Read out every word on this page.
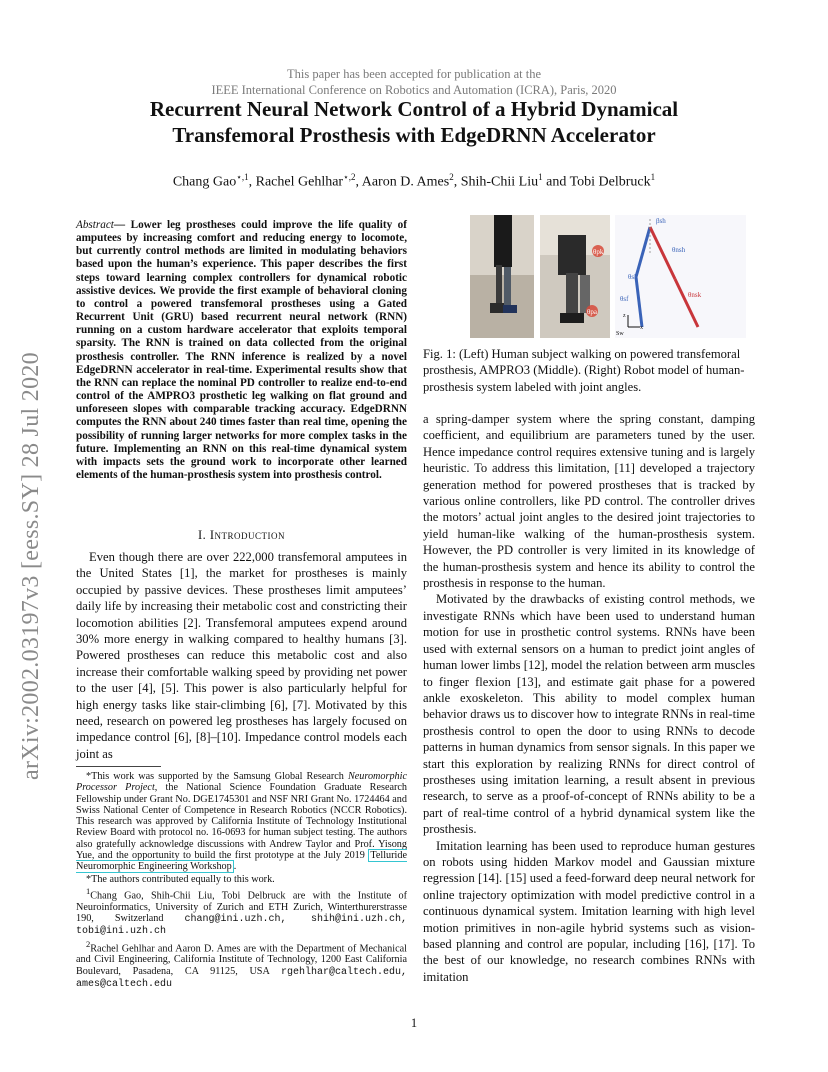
This paper has been accepted for publication at the
IEEE International Conference on Robotics and Automation (ICRA), Paris, 2020
Recurrent Neural Network Control of a Hybrid Dynamical
Transfemoral Prosthesis with EdgeDRNN Accelerator
Chang Gao$^{⋆,1}$, Rachel Gehlhar$^{⋆,2}$, Aaron D. Ames$^2$, Shih-Chii Liu$^1$ and Tobi Delbruck$^1$
arXiv:2002.03197v3 [eess.SY] 28 Jul 2020
Abstract— Lower leg prostheses could improve the life quality of amputees by increasing comfort and reducing energy to locomote, but currently control methods are limited in modulating behaviors based upon the human’s experience. This paper describes the first steps toward learning complex controllers for dynamical robotic assistive devices. We provide the first example of behavioral cloning to control a powered transfemoral prostheses using a Gated Recurrent Unit (GRU) based recurrent neural network (RNN) running on a custom hardware accelerator that exploits temporal sparsity. The RNN is trained on data collected from the original prosthesis controller. The RNN inference is realized by a novel EdgeDRNN accelerator in real-time. Experimental results show that the RNN can replace the nominal PD controller to realize end-to-end control of the AMPRO3 prosthetic leg walking on flat ground and unforeseen slopes with comparable tracking accuracy. EdgeDRNN computes the RNN about 240 times faster than real time, opening the possibility of running larger networks for more complex tasks in the future. Implementing an RNN on this real-time dynamical system with impacts sets the ground work to incorporate other learned elements of the human-prosthesis system into prosthesis control.
I. Introduction

Even though there are over 222,000 transfemoral amputees in the United States [1], the market for prostheses is mainly occupied by passive devices. These prostheses limit amputees’ daily life by increasing their metabolic cost and constricting their locomotion abilities [2]. Transfemoral amputees expend around 30% more energy in walking compared to healthy humans [3]. Powered prostheses can reduce this metabolic cost and also increase their comfortable walking speed by providing net power to the user [4], [5]. This power is also particularly helpful for high energy tasks like stair-climbing [6], [7]. Motivated by this need, research on powered leg prostheses has largely focused on impedance control [6], [8]–[10]. Impedance control models each joint as

*This work was supported by the Samsung Global Research Neuromorphic Processor Project, the National Science Foundation Graduate Research Fellowship under Grant No. DGE1745301 and NSF NRI Grant No. 1724464 and Swiss National Center of Competence in Research Robotics (NCCR Robotics). This research was approved by California Institute of Technology Institutional Review Board with protocol no. 16-0693 for human subject testing. The authors also gratefully acknowledge discussions with Andrew Taylor and Prof. Yisong Yue, and the opportunity to build the first prototype at the July 2019 Telluride Neuromorphic Engineering Workshop .

*The authors contributed equally to this work.

$^1$Chang Gao, Shih-Chii Liu, Tobi Delbruck are with the Institute of Neuroinformatics, University of Zurich and ETH Zurich, Winterthurerstrasse 190, Switzerland chang@ini.uzh.ch, shih@ini.uzh.ch, tobi@ini.uzh.ch

$^2$Rachel Gehlhar and Aaron D. Ames are with the Department of Mechanical and Civil Engineering, California Institute of Technology, 1200 East California Boulevard, Pasadena, CA 91125, USA rgehlhar@caltech.edu, ames@caltech.edu

θpk
θpa
βsh
θnsh
θsk
θnsk
θsf
Sw
z
x
Fig. 1: (Left) Human subject walking on powered transfemoral prosthesis, AMPRO3 (Middle). (Right) Robot model of human-prosthesis system labeled with joint angles.

a spring-damper system where the spring constant, damping coefficient, and equilibrium are parameters tuned by the user. Hence impedance control requires extensive tuning and is largely heuristic. To address this limitation, [11] developed a trajectory generation method for powered prostheses that is tracked by various online controllers, like PD control. The controller drives the motors’ actual joint angles to the desired joint trajectories to yield human-like walking of the human-prosthesis system. However, the PD controller is very limited in its knowledge of the human-prosthesis system and hence its ability to control the prosthesis in response to the human.

Motivated by the drawbacks of existing control methods, we investigate RNNs which have been used to understand human motion for use in prosthetic control systems. RNNs have been used with external sensors on a human to predict joint angles of human lower limbs [12], model the relation between arm muscles to finger flexion [13], and estimate gait phase for a powered ankle exoskeleton. This ability to model complex human behavior draws us to discover how to integrate RNNs in real-time prosthesis control to open the door to using RNNs to decode patterns in human dynamics from sensor signals. In this paper we start this exploration by realizing RNNs for direct control of prostheses using imitation learning, a result absent in previous research, to serve as a proof-of-concept of RNNs ability to be a part of real-time control of a hybrid dynamical system like the prosthesis.

Imitation learning has been used to reproduce human gestures on robots using hidden Markov model and Gaussian mixture regression [14]. [15] used a feed-forward deep neural network for online trajectory optimization with model predictive control in a continuous dynamical system. Imitation learning with high level motion primitives in non-agile hybrid systems such as vision-based planning and control are popular, including [16], [17]. To the best of our knowledge, no research combines RNNs with imitation

1
